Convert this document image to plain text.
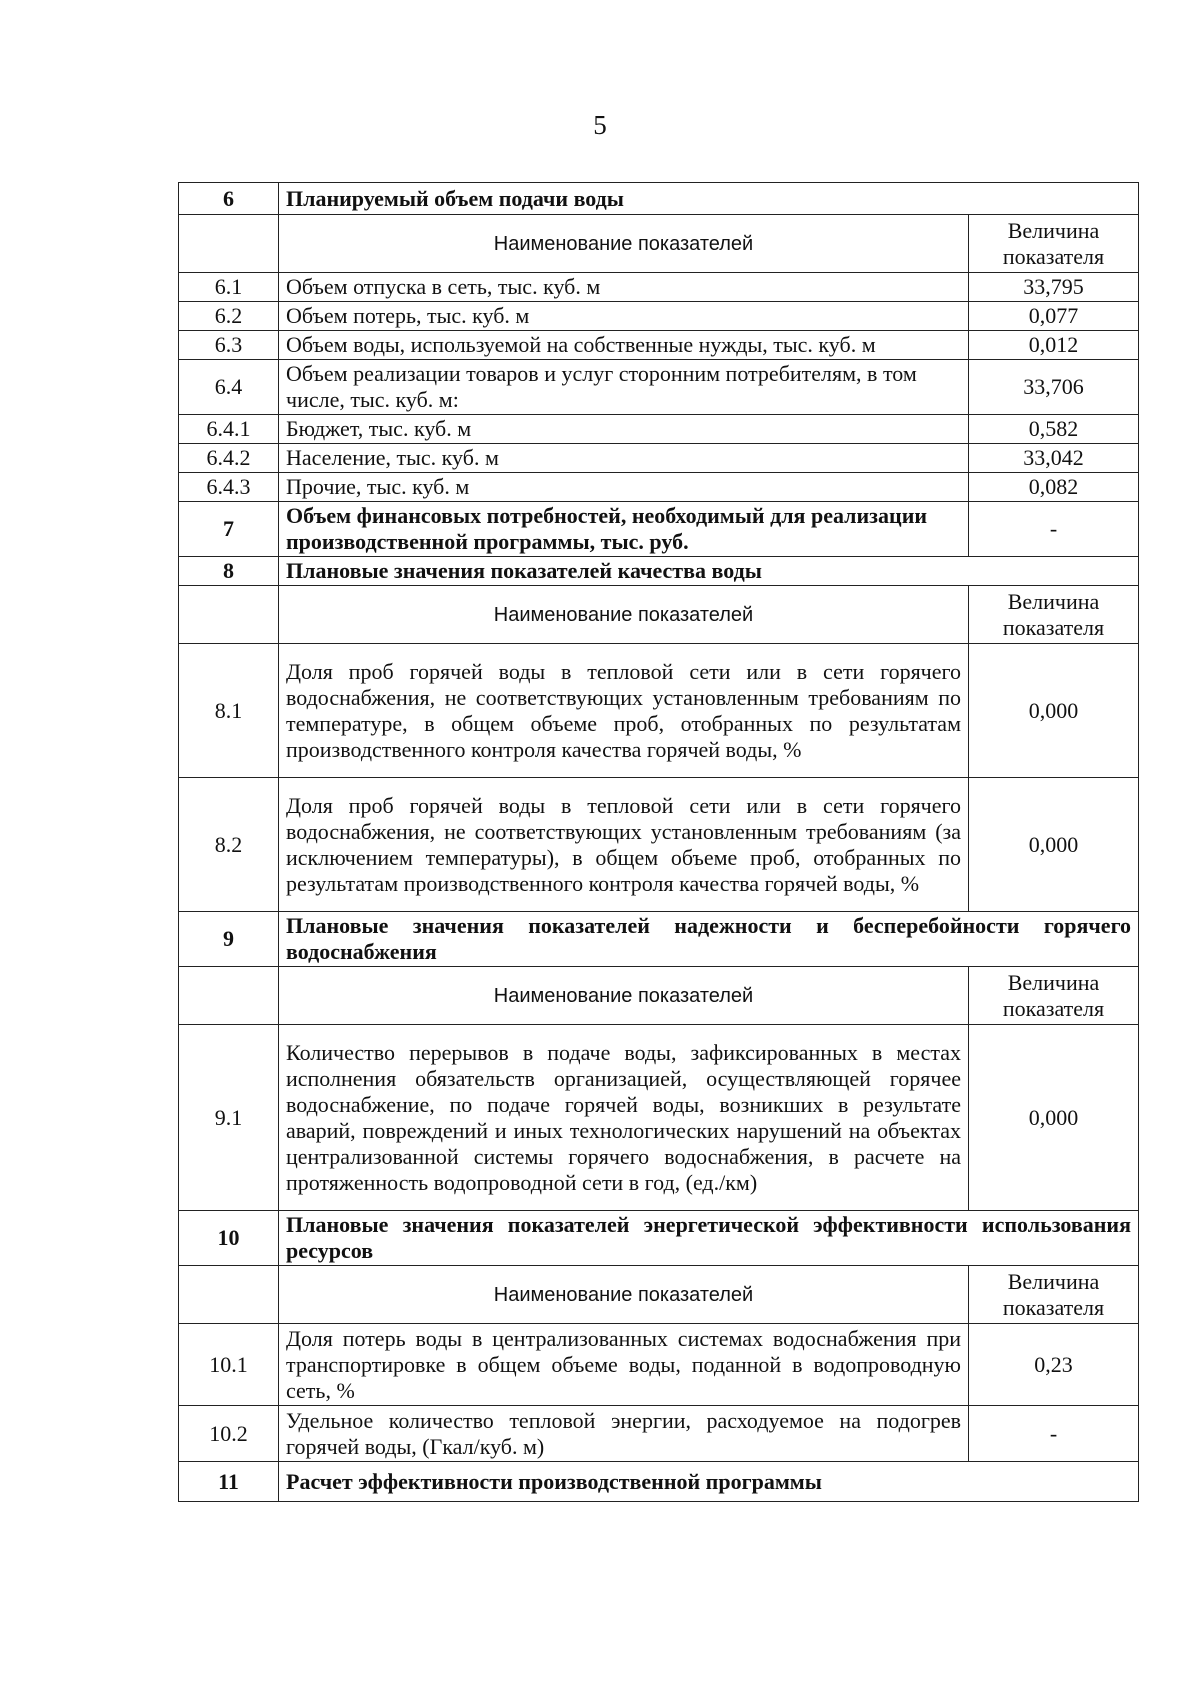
5
6	Планируемый объем подачи воды	
	Наименование показателей	Величина показателя
6.1	Объем отпуска в сеть, тыс. куб. м	33,795
6.2	Объем потерь, тыс. куб. м	0,077
6.3	Объем воды, используемой на собственные нужды, тыс. куб. м	0,012
6.4	Объем реализации товаров и услуг сторонним потребителям, в том числе, тыс. куб. м:	33,706
6.4.1	Бюджет, тыс. куб. м	0,582
6.4.2	Население, тыс. куб. м	33,042
6.4.3	Прочие, тыс. куб. м	0,082
7	Объем финансовых потребностей, необходимый для реализации производственной программы, тыс. руб.	-
8	Плановые значения показателей качества воды	
	Наименование показателей	Величина показателя
8.1	Доля проб горячей воды в тепловой сети или в сети горячего водоснабжения, не соответствующих установленным требованиям по температуре, в общем объеме проб, отобранных по результатам производственного контроля качества горячей воды, %	0,000
8.2	Доля проб горячей воды в тепловой сети или в сети горячего водоснабжения, не соответствующих установленным требованиям (за исключением температуры), в общем объеме проб, отобранных по результатам производственного контроля качества горячей воды, %	0,000
9	Плановые значения показателей надежности и бесперебойности горячего водоснабжения	
	Наименование показателей	Величина показателя
9.1	Количество перерывов в подаче воды, зафиксированных в местах исполнения обязательств организацией, осуществляющей горячее водоснабжение, по подаче горячей воды, возникших в результате аварий, повреждений и иных технологических нарушений на объектах централизованной системы горячего водоснабжения, в расчете на протяженность водопроводной сети в год, (ед./км)	0,000
10	Плановые значения показателей энергетической эффективности использования ресурсов	
	Наименование показателей	Величина показателя
10.1	Доля потерь воды в централизованных системах водоснабжения при транспортировке в общем объеме воды, поданной в водопроводную сеть, %	0,23
10.2	Удельное количество тепловой энергии, расходуемое на подогрев горячей воды, (Гкал/куб. м)	-
11	Расчет эффективности производственной программы	
